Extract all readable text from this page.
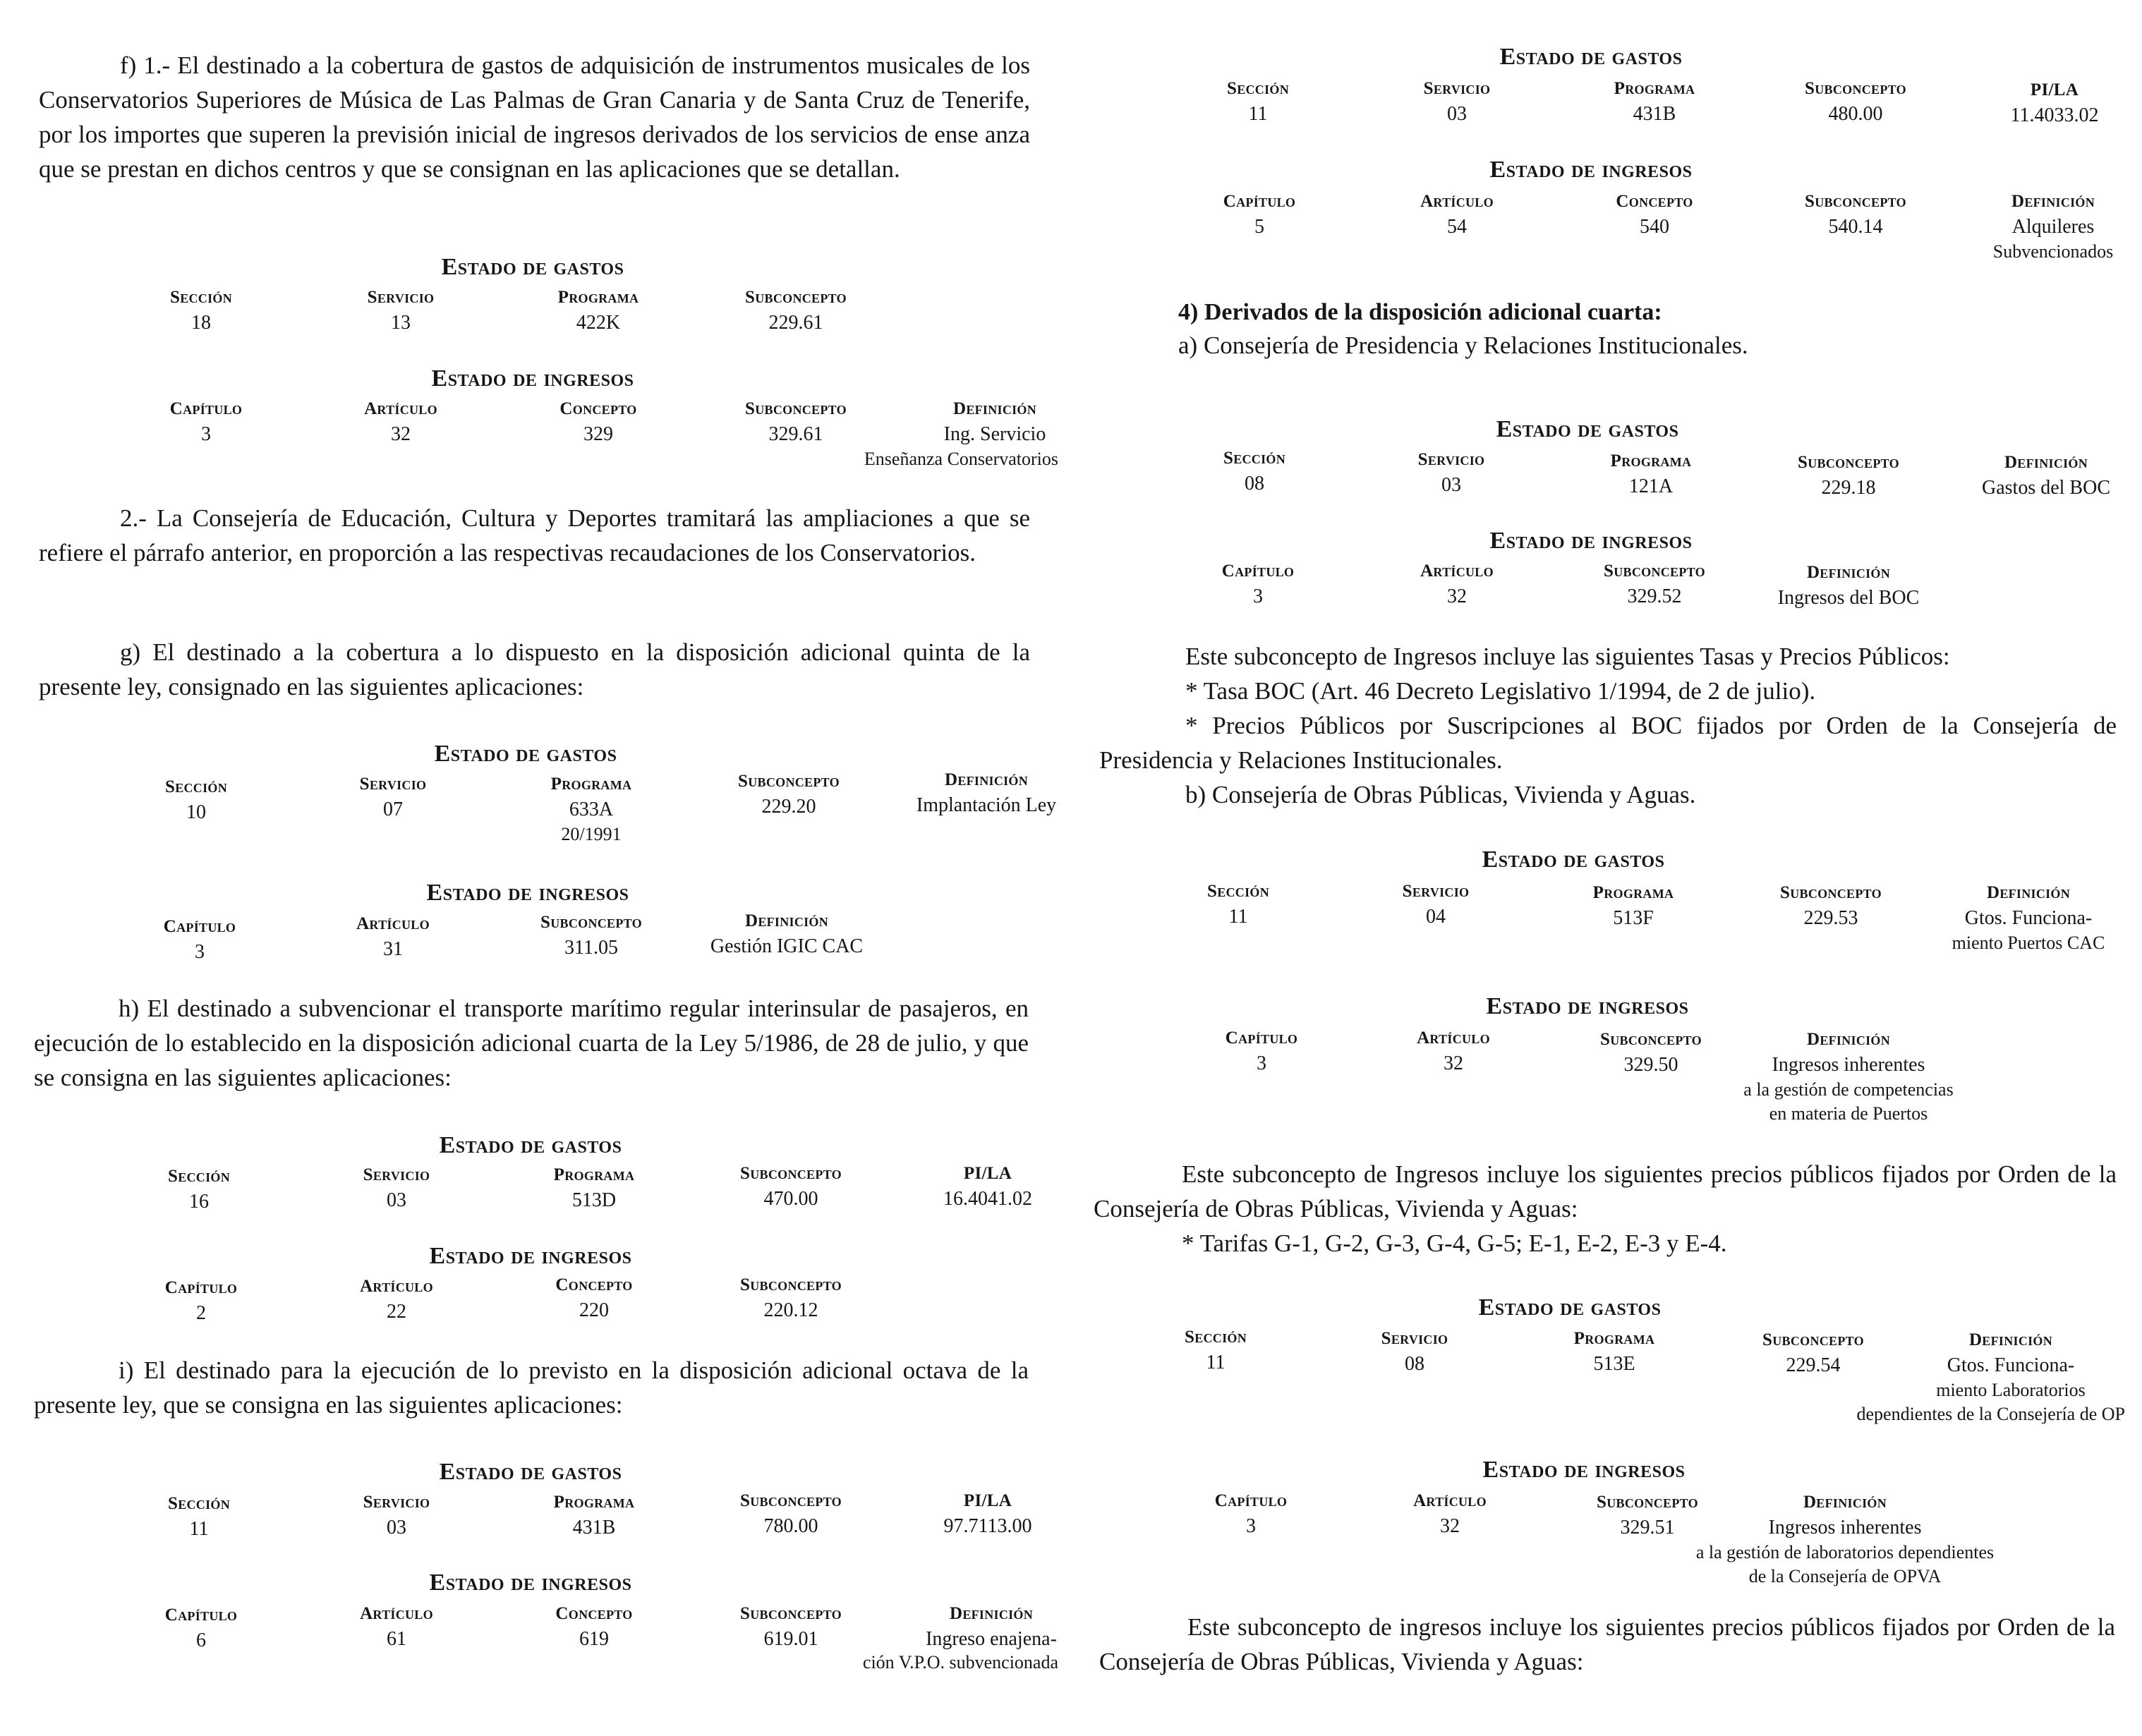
f) 1.- El destinado a la cobertura de gastos de adquisición de instrumentos musicales de los Conservatorios Superiores de Música de Las Palmas de Gran Canaria y de Santa Cruz de Tenerife, por los importes que superen la previsión inicial de ingresos derivados de los servicios de ense anza que se prestan en dichos centros y que se consignan en las aplicaciones que se detallan.

Estado de gastos
Sección
18
Servicio
13
Programa
422K
Subconcepto
229.61
Estado de ingresos
Capítulo
3
Artículo
32
Concepto
329
Subconcepto
329.61
Definición
Ing. Servicio
Enseñanza Conservatorios

2.- La Consejería de Educación, Cultura y Deportes tramitará las ampliaciones a que se refiere el párrafo anterior, en proporción a las respectivas recaudaciones de los Conservatorios.

g) El destinado a la cobertura a lo dispuesto en la disposición adicional quinta de la presente ley, consignado en las siguientes aplicaciones:

Estado de gastos
Sección
10
Servicio
07
Programa
633A
20/1991
Subconcepto
229.20
Definición
Implantación Ley
Estado de ingresos
Capítulo
3
Artículo
31
Subconcepto
311.05
Definición
Gestión IGIC CAC

h) El destinado a subvencionar el transporte marítimo regular interinsular de pasajeros, en ejecución de lo establecido en la disposición adicional cuarta de la Ley 5/1986, de 28 de julio, y que se consigna en las siguientes aplicaciones:

Estado de gastos
Sección
16
Servicio
03
Programa
513D
Subconcepto
470.00
PI/LA
16.4041.02
Estado de ingresos
Capítulo
2
Artículo
22
Concepto
220
Subconcepto
220.12

i) El destinado para la ejecución de lo previsto en la disposición adicional octava de la presente ley, que se consigna en las siguientes aplicaciones:

Estado de gastos
Sección
11
Servicio
03
Programa
431B
Subconcepto
780.00
PI/LA
97.7113.00
Estado de ingresos
Capítulo
6
Artículo
61
Concepto
619
Subconcepto
619.01
Definición
Ingreso enajena-
ción V.P.O. subvencionada
Estado de gastos
Sección
11
Servicio
03
Programa
431B
Subconcepto
480.00
PI/LA
11.4033.02
Estado de ingresos
Capítulo
5
Artículo
54
Concepto
540
Subconcepto
540.14
Definición
Alquileres
Subvencionados
4) Derivados de la disposición adicional cuarta:
a) Consejería de Presidencia y Relaciones Institucionales.
Estado de gastos
Sección
08
Servicio
03
Programa
121A
Subconcepto
229.18
Definición
Gastos del BOC
Estado de ingresos
Capítulo
3
Artículo
32
Subconcepto
329.52
Definición
Ingresos del BOC
Este subconcepto de Ingresos incluye las siguientes Tasas y Precios Públicos:
* Tasa BOC (Art. 46 Decreto Legislativo 1/1994, de 2 de julio).

* Precios Públicos por Suscripciones al BOC fijados por Orden de la Consejería de Presidencia y Relaciones Institucionales.

b) Consejería de Obras Públicas, Vivienda y Aguas.
Estado de gastos
Sección
11
Servicio
04
Programa
513F
Subconcepto
229.53
Definición
Gtos. Funciona-
miento Puertos CAC
Estado de ingresos
Capítulo
3
Artículo
32
Subconcepto
329.50
Definición
Ingresos inherentes
a la gestión de competencias
en materia de Puertos

Este subconcepto de Ingresos incluye los siguientes precios públicos fijados por Orden de la Consejería de Obras Públicas, Vivienda y Aguas:

* Tarifas G-1, G-2, G-3, G-4, G-5; E-1, E-2, E-3 y E-4.
Estado de gastos
Sección
11
Servicio
08
Programa
513E
Subconcepto
229.54
Definición
Gtos. Funciona-
miento Laboratorios
dependientes de la Consejería de OP
Estado de ingresos
Capítulo
3
Artículo
32
Subconcepto
329.51
Definición
Ingresos inherentes
a la gestión de laboratorios dependientes
de la Consejería de OPVA

Este subconcepto de ingresos incluye los siguientes precios públicos fijados por Orden de la Consejería de Obras Públicas, Vivienda y Aguas:
